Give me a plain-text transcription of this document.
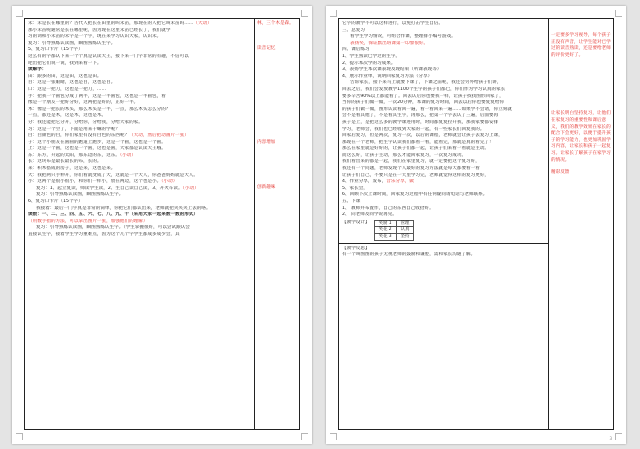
禾：禾是长在哪里的？古代人把长在田里的叫禾苗，那现在的人把它叫禾苗吗……（大动）
那小禾苗呢通常是长在哪里呢，因为现在这里禾苗已经长了，我们就学
习的词和小禾苗的禾字是一个字，现在来学习认识大家，认识禾。
复习：引导熟练认读图，瞬图熟练认生字。
5、复习口卡片（15个字）
这么有的字都认下来一个个真是认读大王，接下来一门字非常的有趣，不信可以
吧出把它们说一说，找到来看一下。
读解字：
田：跟多的田，这是田，这也是田。
目：这是一张眼睛，这也是目，这也是目。
口：这是一把刀，这也是一把刀，……
手：把我一个圆包分成了两半，这是一半圆包，这也是一半圆包，看
像是一个朋友一把好分好，这两把是好的，正好一半。
木：像是一把长的木头，那么木头是一半，一点，那么木头怎么分的？
一点，都还是木，这是木，这也是木。
分：我还能把它分开，分给你，分给我，分给大家的家。
习：这是一个空了，下面是用来干嘛的学呢？
白：白颜色的白，你们家里有没有白色的东西呢？（大动，然后把动画片一张）
子：这个小朋友在圆圆的跑道上跑步，这是一个圆，这也是一个圆。
上：这是一个圆，这也是一个圆，这也是圆，大家都是认读大王哦。
东：东方，升起的太阳，那东边的东，这东。（小动）
长：这块布是最长最长的布，长的。
来：积木搭成的房子，这是来，这也是来。
大：我把两只手伸开，你们看就变成了大，这就是一个大人，你爸爸妈妈就是大人。
小：这两个是很小很小，和你们一样小，放在两边，这个也是小。（小动）
复习：1、起立复读，师读学生读，2、生自己读自己读，3、开火车读。（小动）
复习：引导熟练认读图，瞬图熟练认生字。
6、复习口卡片（15个字）
我接着：最后一门字真是非常的简单，你把它们都认出来，老师就把夹夹夹上去的咯。
读数：一、二、三、四、五、六、七、八、九、十（采用大家一起来数一数的形式）
（用数手指的方法，可以拿出图片一张，加强他们的理解）
复习：引导熟练认读图，瞬图熟练认生字。（学生掌握很好，可以尝试跟认会
直接认生字，接着学生学习重难点，因为这个几个字学生都成多成少会，其
林，三个木是森。
读音记忆
内容增加
创新趣味
它字的教学不可以这样进行，以免打击学生自信。
三、总复习
看学生学习情况，可组合作课，整理排小编号游戏。
表扬奖，保证默出班课第一印象很好。
四、课后练习
1、学生熟读已学过的生字。
2、提示本次学的习成果。
3、表扬学生本次课表现及现结束（听课表现等）
4、展示作业单，说明回家复习方法（分享）
告诉家长，接下来马上就要下课了，下课之前呢，我还会另外给孩子们讲，
回去之后，我们会发放教学1100个生字的孩子们都已，你们作为学习认真的家长
要多辛苦90%以上都能看了。回去认后你也要我一样，让孩子找找图形回家了，
当你的孩子们做一做，一次20分钟，本课的复习时间，回去以后你也要复复给你
的孩子们做一做，图形认读看回一遍，看一看回来一遍……如果学不会请，你立刻就
会不是看其他了，不是看其生字，再那么，把第一个字去认了三遍，后面要再
孩子是上，是把这么多的教学课进用时，时间都复复拉开我，那我家要都安排
学习，老师会，我们也已经收到大家的一起，有一些家长们回复我的。
回家后复习，但是两次，复习一次，以后的课程，老师就会让孩子去复习上课，
那现在一个老师，把生字认读我们都看一看，能看完，那就是真的看完了！
那么在家里就是好好的，让孩子们都一起，让孩子们来看一看就是主动。
而这么好，让孩子主动，那么才能回家复习，一次复习成功。
我们看出来的都是一起，我们在家里复习，就一定要把这个复习好，
我还有一个问题，老师发现个人最好的复习方法就是每天都要看一看
让孩子们自己，不要只是在一天里学习完，老师就觉得这样的复习更好，
4、作业分享，发布，音乐分享，做
5、家长会，
6、回顾下次上课时间，回家复习过程中有任何疑问请电话与老师联系。
五、下课
1、 教师并布置作，自己的东西自己收拾好。
2、 向老师及同学说再见。
【教学设计】 奖励 1	管理
奖花 2	认真
奖花 3	坚持
【教学反思】
有一个叫图图的孩子无视老师的鼓励和谦腔，需和家长沟通了解。
一定要多学习视导，每个孩子正没有声音，让学生能对已学过的读音熟读，还是要给老师的评价更好了。
让家长明白坚持复习，让他们在家复习的重要性和课后意义，我们的教学效果在家长的配合下会更好，以便于提升孩子的学习能力，也更加巩固学习内容，让家长和孩子一起复习。让家长了解孩子在家学习的情况。
精彩反馈
3
